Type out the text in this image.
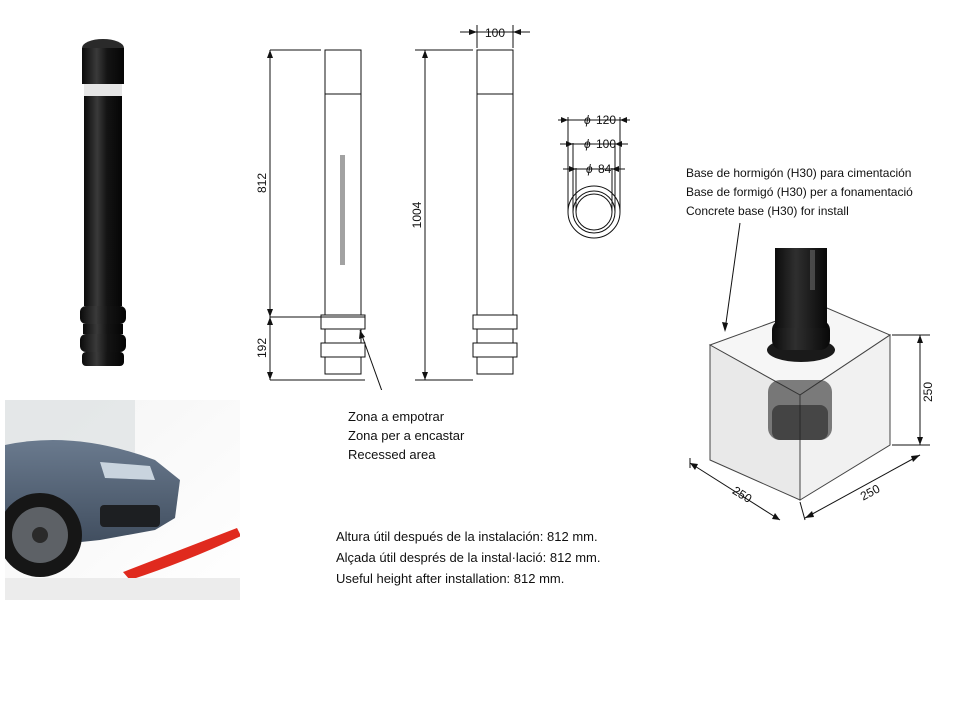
812
192
1004
100
ϕ 120
ϕ 100
ϕ 84
Zona a empotrar
Zona per a encastar
Recessed area
Base de hormigón (H30) para cimentación
Base de formigó (H30) per a fonamentació
Concrete base (H30) for install
250
250	250
Altura útil después de la instalación: 812 mm.
Alçada útil després de la instal·lació: 812 mm.
Useful height after installation: 812 mm.
